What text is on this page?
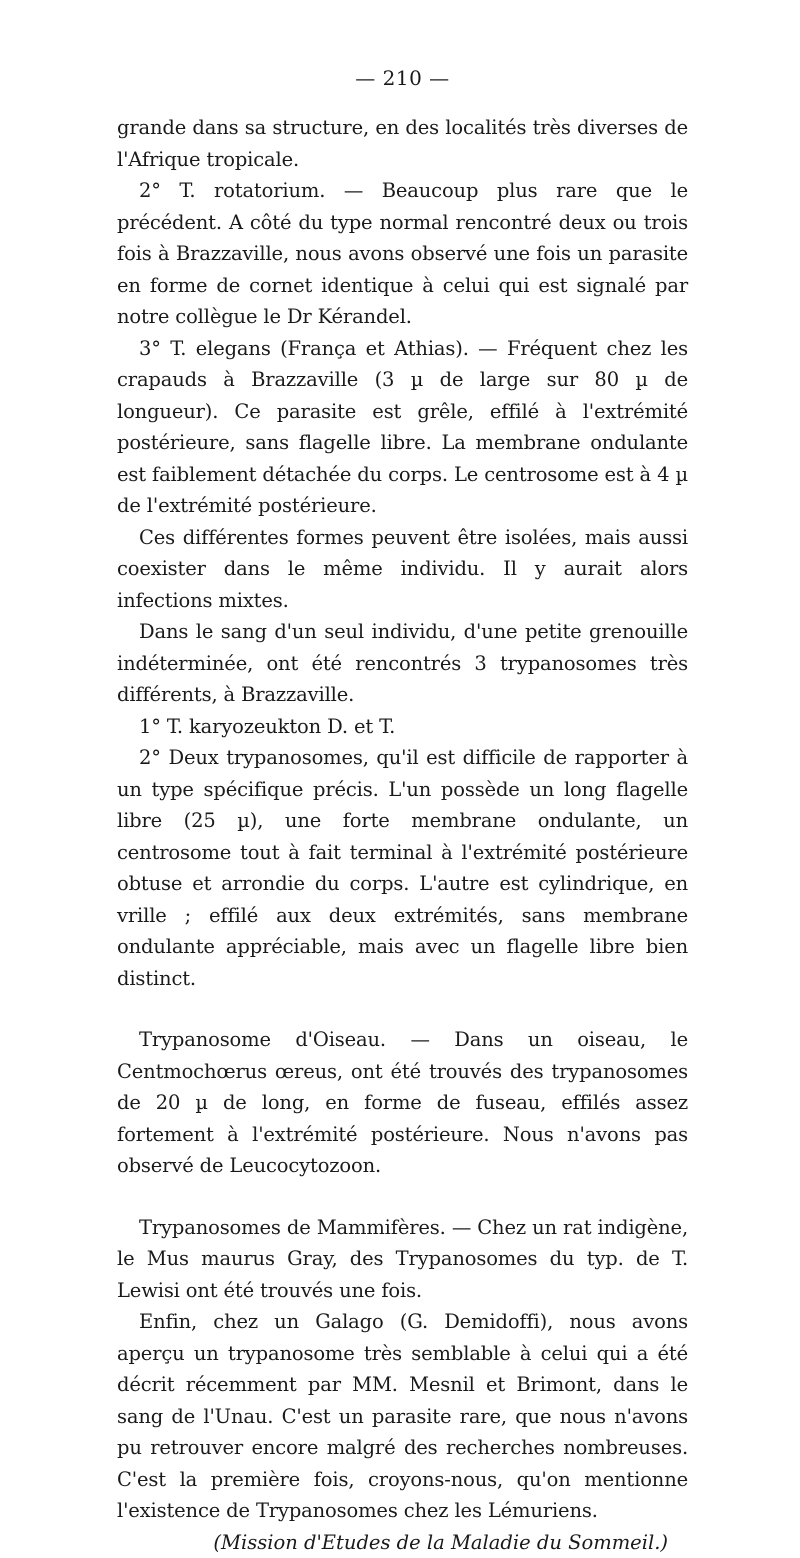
— 210 —

grande dans sa structure, en des localités très diverses de l'Afrique tropicale.

2° T. rotatorium. — Beaucoup plus rare que le précédent. A côté du type normal rencontré deux ou trois fois à Brazzaville, nous avons observé une fois un parasite en forme de cornet identique à celui qui est signalé par notre collègue le Dr Kérandel.

3° T. elegans (França et Athias). — Fréquent chez les crapauds à Brazzaville (3 µ de large sur 80 µ de longueur). Ce parasite est grêle, effilé à l'extrémité postérieure, sans flagelle libre. La membrane ondulante est faiblement détachée du corps. Le centrosome est à 4 µ de l'extrémité postérieure.

Ces différentes formes peuvent être isolées, mais aussi coexister dans le même individu. Il y aurait alors infections mixtes.

Dans le sang d'un seul individu, d'une petite grenouille indéterminée, ont été rencontrés 3 trypanosomes très différents, à Brazzaville.

1° T. karyozeukton D. et T.

2° Deux trypanosomes, qu'il est difficile de rapporter à un type spécifique précis. L'un possède un long flagelle libre (25 µ), une forte membrane ondulante, un centrosome tout à fait terminal à l'extrémité postérieure obtuse et arrondie du corps. L'autre est cylindrique, en vrille ; effilé aux deux extrémités, sans membrane ondulante appréciable, mais avec un flagelle libre bien distinct.

Trypanosome d'Oiseau. — Dans un oiseau, le Centmochœrus œreus, ont été trouvés des trypanosomes de 20 µ de long, en forme de fuseau, effilés assez fortement à l'extrémité postérieure. Nous n'avons pas observé de Leucocytozoon.

Trypanosomes de Mammifères. — Chez un rat indigène, le Mus maurus Gray, des Trypanosomes du typ. de T. Lewisi ont été trouvés une fois.

Enfin, chez un Galago (G. Demidoffi), nous avons aperçu un trypanosome très semblable à celui qui a été décrit récemment par MM. Mesnil et Brimont, dans le sang de l'Unau. C'est un parasite rare, que nous n'avons pu retrouver encore malgré des recherches nombreuses. C'est la première fois, croyons-nous, qu'on mentionne l'existence de Trypanosomes chez les Lémuriens.

(Mission d'Etudes de la Maladie du Sommeil.)
